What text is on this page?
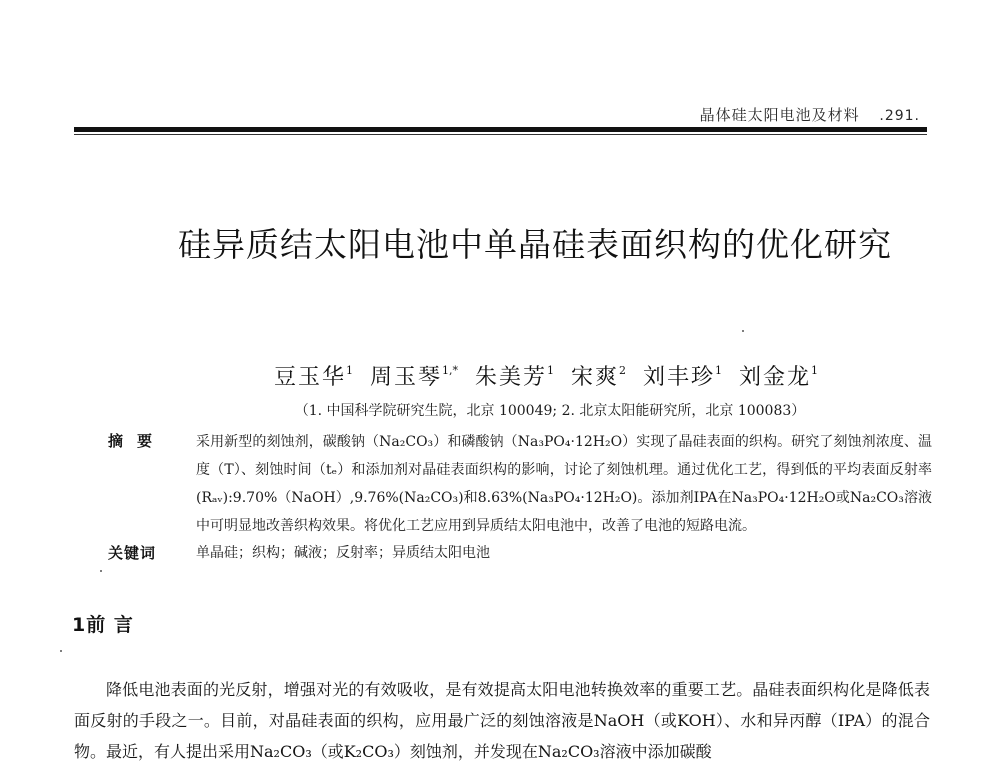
晶体硅太阳电池及材料 .291.
硅异质结太阳电池中单晶硅表面织构的优化研究
豆玉华$^1$ 周玉琴$^{1,*}$ 朱美芳$^1$ 宋爽$^2$ 刘丰珍$^1$ 刘金龙$^1$
（1. 中国科学院研究生院，北京 100049; 2. 北京太阳能研究所，北京 100083）
摘要 采用新型的刻蚀剂，碳酸钠（Na₂CO₃）和磷酸钠（Na₃PO₄·12H₂O）实现了晶硅表面的织构。研究了刻蚀剂浓度、温度（T）、刻蚀时间（tₑ）和添加剂对晶硅表面织构的影响，讨论了刻蚀机理。通过优化工艺，得到低的平均表面反射率(Rₐᵥ):9.70%（NaOH）,9.76%(Na₂CO₃)和8.63%(Na₃PO₄·12H₂O)。添加剂IPA在Na₃PO₄·12H₂O或Na₂CO₃溶液中可明显地改善织构效果。将优化工艺应用到异质结太阳电池中，改善了电池的短路电流。
关键词	单晶硅；织构；碱液；反射率；异质结太阳电池
1前 言
降低电池表面的光反射，增强对光的有效吸收，是有效提高太阳电池转换效率的重要工艺。晶硅表面织构化是降低表面反射的手段之一。目前，对晶硅表面的织构，应用最广泛的刻蚀溶液是NaOH（或KOH）、水和异丙醇（IPA）的混合物。最近，有人提出采用Na₂CO₃（或K₂CO₃）刻蚀剂，并发现在Na₂CO₃溶液中添加碳酸
